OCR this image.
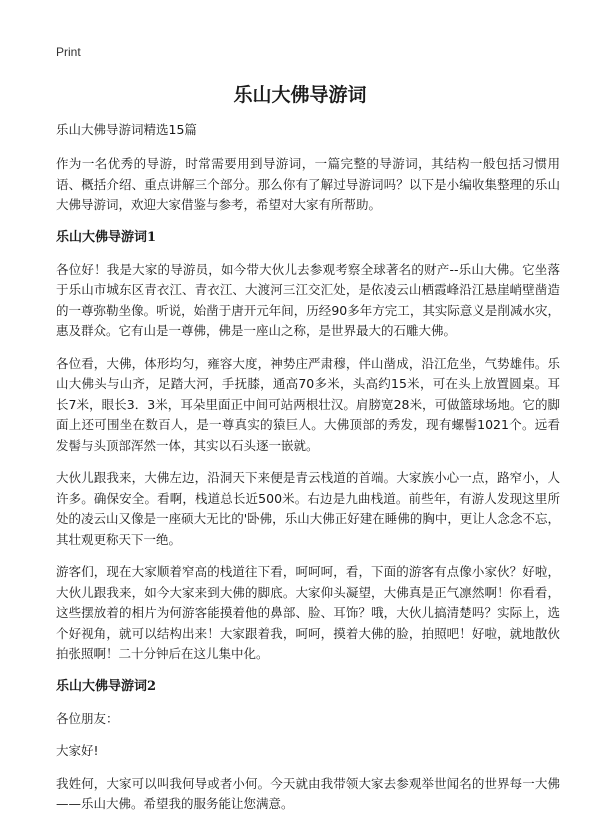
Print
乐山大佛导游词
乐山大佛导游词精选15篇

作为一名优秀的导游，时常需要用到导游词，一篇完整的导游词，其结构一般包括习惯用语、概括介绍、重点讲解三个部分。那么你有了解过导游词吗？以下是小编收集整理的乐山大佛导游词，欢迎大家借鉴与参考，希望对大家有所帮助。

乐山大佛导游词1

各位好！我是大家的导游员，如今带大伙儿去参观考察全球著名的财产--乐山大佛。它坐落于乐山市城东区青衣江、青衣江、大渡河三江交汇处，是依凌云山栖霞峰沿江悬崖峭壁凿造的一尊弥勒坐像。听说，始凿于唐开元年间，历经90多年方完工，其实际意义是削减水灾，惠及群众。它有山是一尊佛，佛是一座山之称，是世界最大的石雕大佛。

各位看，大佛，体形均匀，雍容大度，神势庄严肃穆，伴山凿成，沿江危坐，气势雄伟。乐山大佛头与山齐，足踏大河，手抚膝，通高70多米，头高约15米，可在头上放置圆桌。耳长7米，眼长3．3米，耳朵里面正中间可站两根壮汉。肩膀宽28米，可做篮球场地。它的脚面上还可围坐在数百人，是一尊真实的猿巨人。大佛顶部的秀发，现有螺髻1021个。远看发髻与头顶部浑然一体，其实以石头逐一嵌就。

大伙儿跟我来，大佛左边，沿洞天下来便是青云栈道的首端。大家族小心一点，路窄小，人许多。确保安全。看啊，栈道总长近500米。右边是九曲栈道。前些年，有游人发现这里所处的凌云山又像是一座硕大无比的'卧佛，乐山大佛正好建在睡佛的胸中，更让人念念不忘，其壮观更称天下一绝。

游客们，现在大家顺着窄高的栈道往下看，呵呵呵，看，下面的游客有点像小家伙？好啦，大伙儿跟我来，如今大家来到大佛的脚底。大家仰头凝望，大佛真是正气凛然啊！你看看，这些摆放着的相片为何游客能摸着他的鼻部、脸、耳饰？哦，大伙儿搞清楚吗？实际上，选个好视角，就可以结构出来！大家跟着我，呵呵，摸着大佛的脸，拍照吧！好啦，就地散伙拍张照啊！二十分钟后在这儿集中化。

乐山大佛导游词2

各位朋友：

大家好!

我姓何，大家可以叫我何导或者小何。今天就由我带领大家去参观举世闻名的世界每一大佛——乐山大佛。希望我的服务能让您满意。
